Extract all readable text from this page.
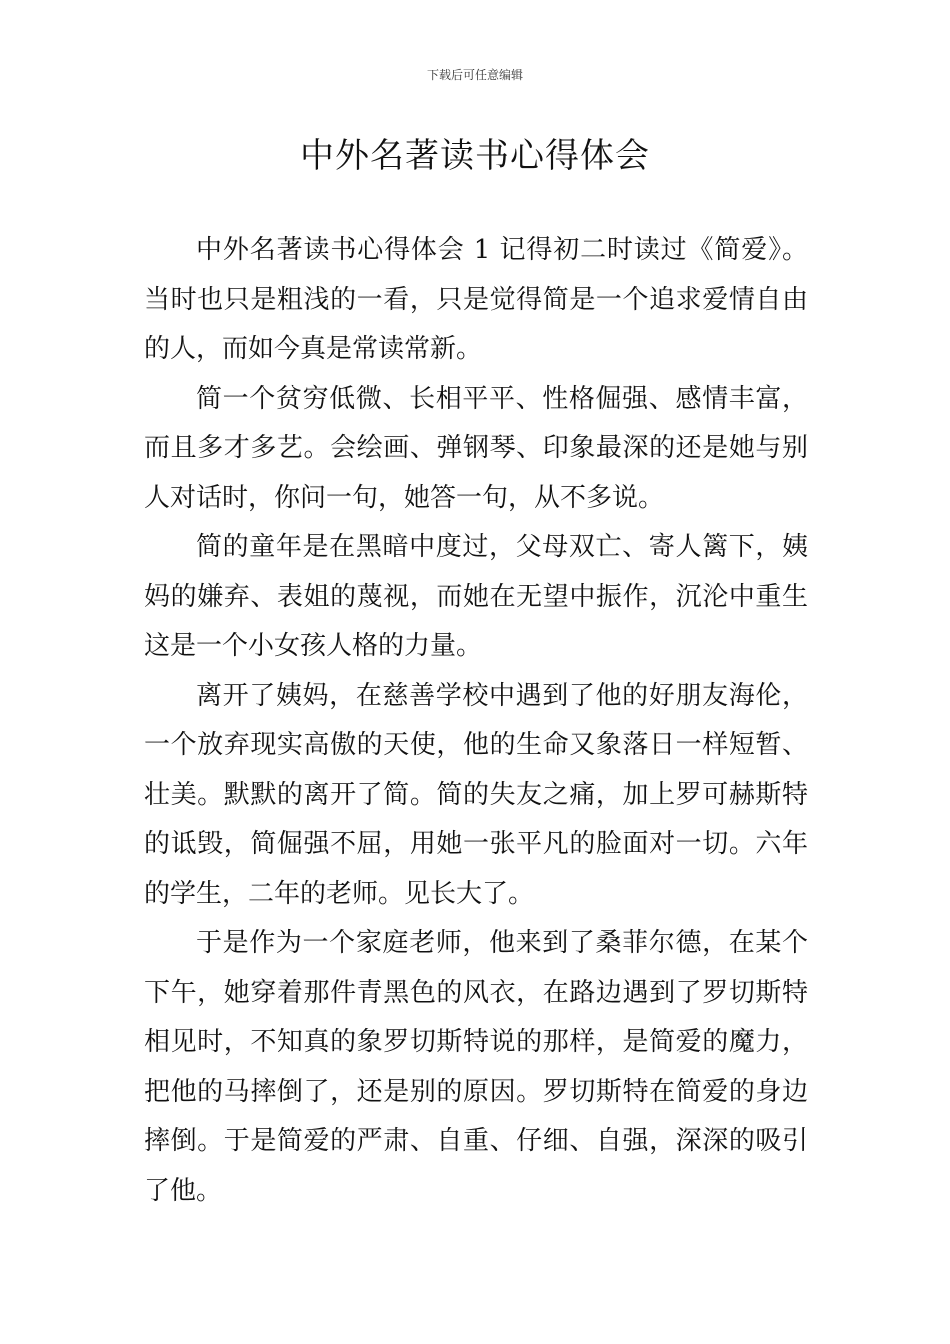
下载后可任意编辑
中外名著读书心得体会

中外名著读书心得体会 1 记得初二时读过《简爱》。当时也只是粗浅的一看，只是觉得简是一个追求爱情自由的人，而如今真是常读常新。

简一个贫穷低微、长相平平、性格倔强、感情丰富，而且多才多艺。会绘画、弹钢琴、印象最深的还是她与别人对话时，你问一句，她答一句，从不多说。

简的童年是在黑暗中度过，父母双亡、寄人篱下，姨妈的嫌弃、表姐的蔑视，而她在无望中振作，沉沦中重生这是一个小女孩人格的力量。

离开了姨妈，在慈善学校中遇到了他的好朋友海伦，一个放弃现实高傲的天使，他的生命又象落日一样短暂、壮美。默默的离开了简。简的失友之痛，加上罗可赫斯特的诋毁，简倔强不屈，用她一张平凡的脸面对一切。六年的学生，二年的老师。见长大了。

于是作为一个家庭老师，他来到了桑菲尔德，在某个下午，她穿着那件青黑色的风衣，在路边遇到了罗切斯特相见时，不知真的象罗切斯特说的那样，是简爱的魔力，把他的马摔倒了，还是别的原因。罗切斯特在简爱的身边摔倒。于是简爱的严肃、自重、仔细、自强，深深的吸引了他。
